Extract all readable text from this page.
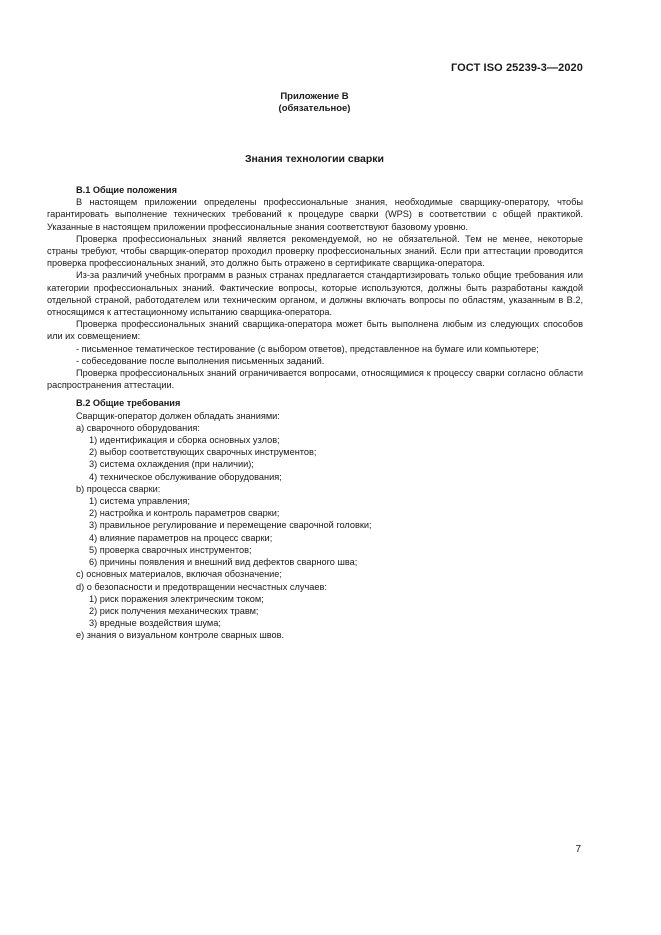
ГОСТ ISO 25239-3—2020
Приложение В
(обязательное)
Знания технологии сварки

В.1 Общие положения

В настоящем приложении определены профессиональные знания, необходимые сварщику-оператору, чтобы гарантировать выполнение технических требований к процедуре сварки (WPS) в соответствии с общей практикой. Указанные в настоящем приложении профессиональные знания соответствуют базовому уровню.

Проверка профессиональных знаний является рекомендуемой, но не обязательной. Тем не менее, некоторые страны требуют, чтобы сварщик-оператор проходил проверку профессиональных знаний. Если при аттестации проводится проверка профессиональных знаний, это должно быть отражено в сертификате сварщика-оператора.

Из-за различий учебных программ в разных странах предлагается стандартизировать только общие требования или категории профессиональных знаний. Фактические вопросы, которые используются, должны быть разработаны каждой отдельной страной, работодателем или техническим органом, и должны включать вопросы по областям, указанным в В.2, относящимся к аттестационному испытанию сварщика-оператора.

Проверка профессиональных знаний сварщика-оператора может быть выполнена любым из следующих способов или их совмещением:

- письменное тематическое тестирование (с выбором ответов), представленное на бумаге или компьютере;

- собеседование после выполнения письменных заданий.

Проверка профессиональных знаний ограничивается вопросами, относящимися к процессу сварки согласно области распространения аттестации.

В.2 Общие требования

Сварщик-оператор должен обладать знаниями:

а) сварочного оборудования:

1) идентификация и сборка основных узлов;

2) выбор соответствующих сварочных инструментов;

3) система охлаждения (при наличии);

4) техническое обслуживание оборудования;

b) процесса сварки:

1) система управления;

2) настройка и контроль параметров сварки;

3) правильное регулирование и перемещение сварочной головки;

4) влияние параметров на процесс сварки;

5) проверка сварочных инструментов;

6) причины появления и внешний вид дефектов сварного шва;

с) основных материалов, включая обозначение;

d) о безопасности и предотвращении несчастных случаев:

1) риск поражения электрическим током;

2) риск получения механических травм;

3) вредные воздействия шума;

е) знания о визуальном контроле сварных швов.

7
